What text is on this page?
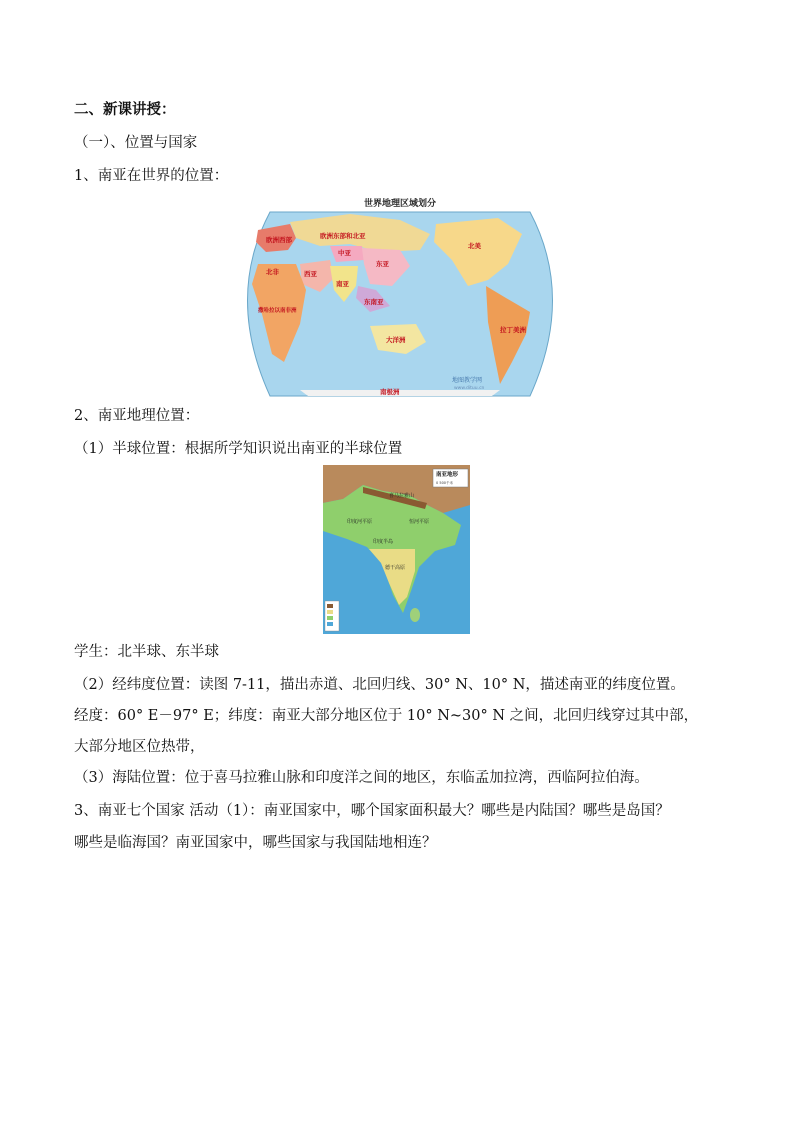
二、新课讲授：
（一）、位置与国家
1、南亚在世界的位置：
世界地理区域划分
欧洲西部	欧洲东部和北亚
中亚
东亚
北美
北非	西亚
南亚
东南亚
撒哈拉以南非洲
大洋洲
拉丁美洲
南极洲
地图教学网
www.dituu.cn
2、南亚地理位置：
（1）半球位置：根据所学知识说出南亚的半球位置
南亚地形
0 500千米
印度河平原	恒河平原
印度半岛
德干高原
喜马拉雅山
学生：北半球、东半球
（2）经纬度位置：读图 7-11，描出赤道、北回归线、30° N、10° N，描述南亚的纬度位置。
经度：60° E－97° E；纬度：南亚大部分地区位于 10° N~30° N 之间，北回归线穿过其中部，
大部分地区位热带，
（3）海陆位置：位于喜马拉雅山脉和印度洋之间的地区，东临孟加拉湾，西临阿拉伯海。
3、南亚七个国家 活动（1）：南亚国家中，哪个国家面积最大？哪些是内陆国？哪些是岛国？
哪些是临海国？南亚国家中，哪些国家与我国陆地相连？
